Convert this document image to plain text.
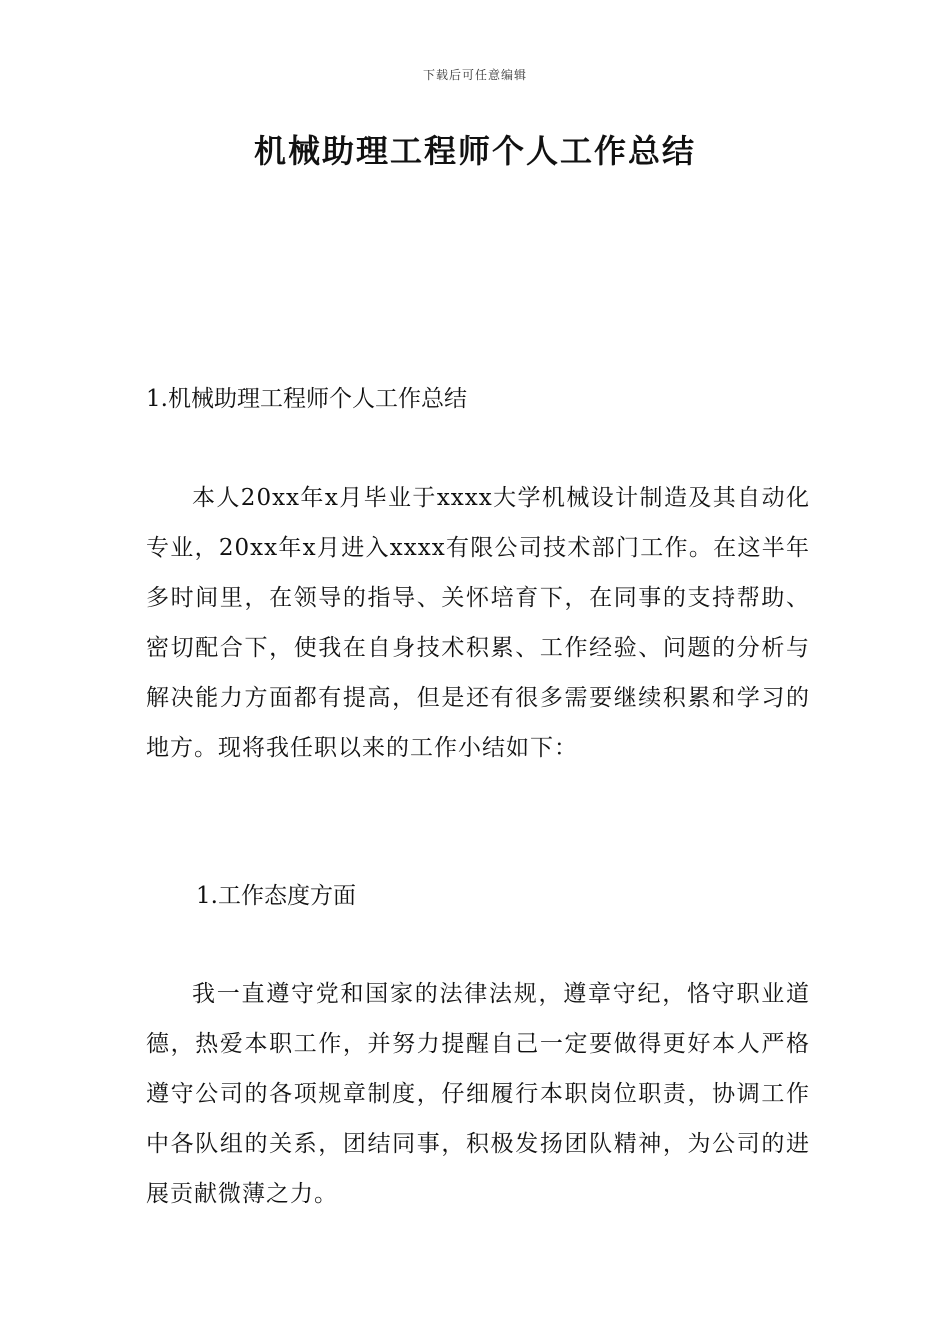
下载后可任意编辑
机械助理工程师个人工作总结
1.机械助理工程师个人工作总结

本人20xx年x月毕业于xxxx大学机械设计制造及其自动化专业，20xx年x月进入xxxx有限公司技术部门工作。在这半年多时间里，在领导的指导、关怀培育下，在同事的支持帮助、密切配合下，使我在自身技术积累、工作经验、问题的分析与解决能力方面都有提高，但是还有很多需要继续积累和学习的地方。现将我任职以来的工作小结如下：

1.工作态度方面

我一直遵守党和国家的法律法规，遵章守纪，恪守职业道德，热爱本职工作，并努力提醒自己一定要做得更好本人严格遵守公司的各项规章制度，仔细履行本职岗位职责，协调工作中各队组的关系，团结同事，积极发扬团队精神，为公司的进展贡献微薄之力。
